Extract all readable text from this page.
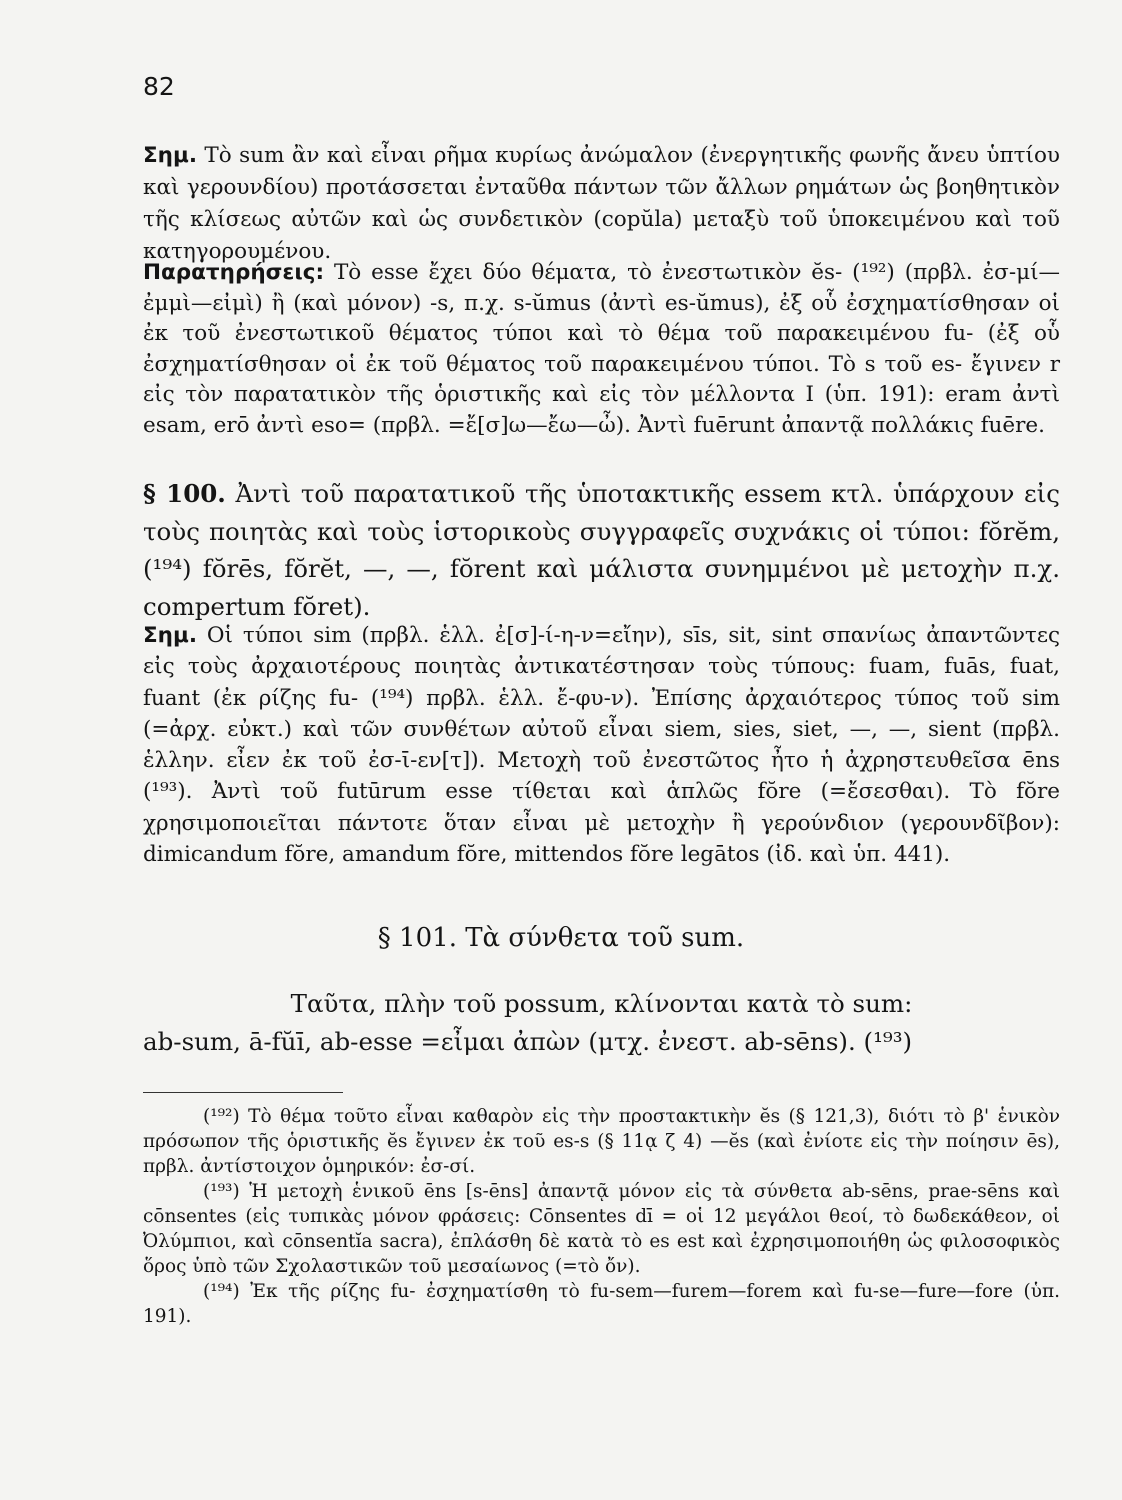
82

Σημ. Τὸ sum ἂν καὶ εἶναι ρῆμα κυρίως ἀνώμαλον (ἐνεργητικῆς φωνῆς ἄνευ ὑπτίου καὶ γερουνδίου) προτάσσεται ἐνταῦθα πάντων τῶν ἄλλων ρημάτων ὡς βοηθητικὸν τῆς κλίσεως αὐτῶν καὶ ὡς συνδετικὸν (copŭla) μεταξὺ τοῦ ὑποκειμένου καὶ τοῦ κατηγορουμένου.

Παρατηρήσεις: Τὸ esse ἔχει δύο θέματα, τὸ ἐνεστωτικὸν ĕs- (¹⁹²) (πρβλ. ἐσ-μί—ἐμμὶ—εἰμὶ) ἢ (καὶ μόνον) -s, π.χ. s-ŭmus (ἀντὶ es-ŭmus), ἐξ οὗ ἐσχηματίσθησαν οἱ ἐκ τοῦ ἐνεστωτικοῦ θέματος τύποι καὶ τὸ θέμα τοῦ παρακειμένου fu- (ἐξ οὗ ἐσχηματίσθησαν οἱ ἐκ τοῦ θέματος τοῦ παρακειμένου τύποι. Τὸ s τοῦ es- ἔγινεν r εἰς τὸν παρατατικὸν τῆς ὁριστικῆς καὶ εἰς τὸν μέλλοντα I (ὑπ. 191): eram ἀντὶ esam, erō ἀντὶ eso= (πρβλ. =ἔ[σ]ω—ἔω—ὦ). Ἀντὶ fuērunt ἀπαντᾷ πολλάκις fuēre.

§ 100. Ἀντὶ τοῦ παρατατικοῦ τῆς ὑποτακτικῆς essem κτλ. ὑπάρχουν εἰς τοὺς ποιητὰς καὶ τοὺς ἱστορικοὺς συγγραφεῖς συχνάκις οἱ τύποι: fŏrĕm, (¹⁹⁴) fŏrēs, fŏrĕt, —, —, fŏrent καὶ μάλιστα συνημμένοι μὲ μετοχὴν π.χ. compertum fŏret).

Σημ. Οἱ τύποι sim (πρβλ. ἑλλ. ἐ[σ]-ί-η-ν=εἴην), sīs, sit, sint σπανίως ἀπαντῶντες εἰς τοὺς ἀρχαιοτέρους ποιητὰς ἀντικατέστησαν τοὺς τύπους: fuam, fuās, fuat, fuant (ἐκ ρίζης fu- (¹⁹⁴) πρβλ. ἑλλ. ἔ-φυ-ν). Ἐπίσης ἀρχαιότερος τύπος τοῦ sim (=ἀρχ. εὐκτ.) καὶ τῶν συνθέτων αὐτοῦ εἶναι siem, sies, siet, —, —, sient (πρβλ. ἑλλην. εἶεν ἐκ τοῦ ἐσ-ῑ-εν[τ]). Μετοχὴ τοῦ ἐνεστῶτος ἦτο ἡ ἀχρηστευθεῖσα ēns (¹⁹³). Ἀντὶ τοῦ futūrum esse τίθεται καὶ ἁπλῶς fŏre (=ἔσεσθαι). Τὸ fŏre χρησιμοποιεῖται πάντοτε ὅταν εἶναι μὲ μετοχὴν ἢ γερούνδιον (γερουνδῖβον): dimicandum fŏre, amandum fŏre, mittendos fŏre legātos (ἰδ. καὶ ὑπ. 441).

§ 101. Τὰ σύνθετα τοῦ sum.

Ταῦτα, πλὴν τοῦ possum, κλίνονται κατὰ τὸ sum:

ab-sum, ā-fŭī, ab-esse =εἶμαι ἀπὼν (μτχ. ἐνεστ. ab-sēns). (¹⁹³)

(¹⁹²) Τὸ θέμα τοῦτο εἶναι καθαρὸν εἰς τὴν προστακτικὴν ĕs (§ 121,3), διότι τὸ β' ἑνικὸν πρόσωπον τῆς ὁριστικῆς ĕs ἔγινεν ἐκ τοῦ es-s (§ 11ᾳ ζ 4) —ĕs (καὶ ἐνίοτε εἰς τὴν ποίησιν ēs), πρβλ. ἀντίστοιχον ὁμηρικόν: ἐσ-σί.

(¹⁹³) Ἡ μετοχὴ ἑνικοῦ ēns [s-ēns] ἀπαντᾷ μόνον εἰς τὰ σύνθετα ab-sēns, prae-sēns καὶ cōnsentes (εἰς τυπικὰς μόνον φράσεις: Cōnsentes dī = οἱ 12 μεγάλοι θεοί, τὸ δωδεκάθεον, οἱ Ὀλύμπιοι, καὶ cōnsentĭa sacra), ἐπλάσθη δὲ κατὰ τὸ es est καὶ ἐχρησιμοποιήθη ὡς φιλοσοφικὸς ὅρος ὑπὸ τῶν Σχολαστικῶν τοῦ μεσαίωνος (=τὸ ὄν).

(¹⁹⁴) Ἐκ τῆς ρίζης fu- ἐσχηματίσθη τὸ fu-sem—furem—forem καὶ fu-se—fure—fore (ὑπ. 191).
